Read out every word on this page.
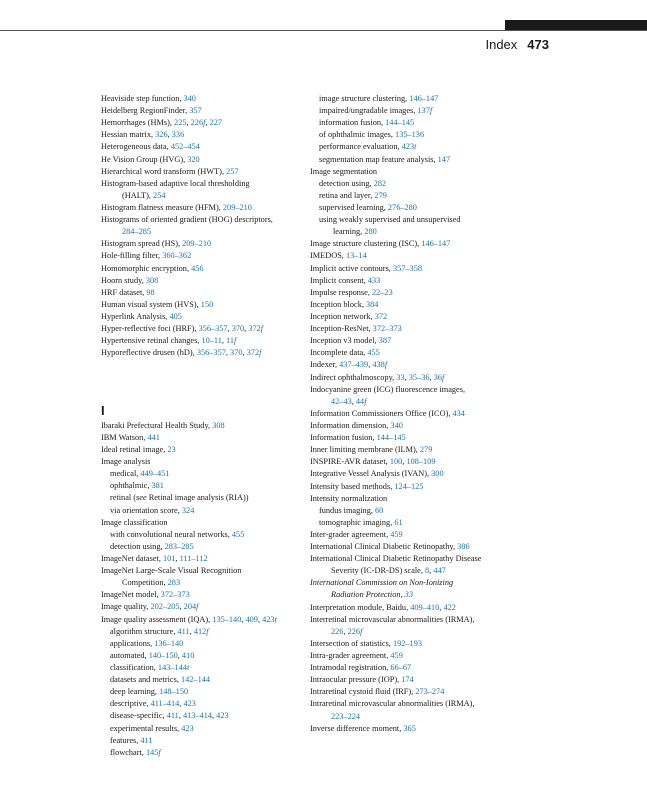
Index 473
Heaviside step function, 340
Heidelberg RegionFinder, 357
Hemorrhages (HMs), 225, 226f, 227
Hessian matrix, 326, 336
Heterogeneous data, 452–454
He Vision Group (HVG), 320
Hierarchical word transform (HWT), 257
Histogram-based adaptive local thresholding
(HALT), 254
Histogram flatness measure (HFM), 209–210
Histograms of oriented gradient (HOG) descriptors,
284–285
Histogram spread (HS), 209–210
Hole-filling filter, 360–362
Homomorphic encryption, 456
Hoorn study, 308
HRF dataset, 98
Human visual system (HVS), 150
Hyperlink Analysis, 405
Hyper-reflective foci (HRF), 356–357, 370, 372f
Hypertensive retinal changes, 10–11, 11f
Hyporeflective drusen (hD), 356–357, 370, 372f
I
Ibaraki Prefectural Health Study, 308
IBM Watson, 441
Ideal retinal image, 23
Image analysis
medical, 449–451
ophthalmic, 381
retinal (see Retinal image analysis (RIA))
via orientation score, 324
Image classification
with convolutional neural networks, 455
detection using, 283–285
ImageNet dataset, 101, 111–112
ImageNet Large-Scale Visual Recognition
Competition, 283
ImageNet model, 372–373
Image quality, 202–205, 204f
Image quality assessment (IQA), 135–140, 409, 423t
algorithm structure, 411, 412f
applications, 136–140
automated, 140–150, 410
classification, 143–144t
datasets and metrics, 142–144
deep learning, 148–150
descriptive, 411–414, 423
disease-specific, 411, 413–414, 423
experimental results, 423
features, 411
flowchart, 145f
image structure clustering, 146–147
impaired/ungradable images, 137f
information fusion, 144–145
of ophthalmic images, 135–136
performance evaluation, 423t
segmentation map feature analysis, 147
Image segmentation
detection using, 282
retina and layer, 279
supervised learning, 276–280
using weakly supervised and unsupervised
learning, 280
Image structure clustering (ISC), 146–147
IMEDOS, 13–14
Implicit active contours, 357–358
Implicit consent, 433
Impulse response, 22–23
Inception block, 384
Inception network, 372
Inception-ResNet, 372–373
Inception v3 model, 387
Incomplete data, 455
Indexer, 437–439, 438f
Indirect ophthalmoscopy, 33, 35–36, 36f
Indocyanine green (ICG) fluorescence images,
42–43, 44f
Information Commissioners Office (ICO), 434
Information dimension, 340
Information fusion, 144–145
Inner limiting membrane (ILM), 279
INSPIRE-AVR dataset, 100, 108–109
Integrative Vessel Analysis (IVAN), 300
Intensity based methods, 124–125
Intensity normalization
fundus imaging, 60
tomographic imaging, 61
Inter-grader agreement, 459
International Clinical Diabetic Retinopathy, 386
International Clinical Diabetic Retinopathy Disease
Severity (IC-DR-DS) scale, 8, 447
International Commission on Non-Ionizing
Radiation Protection, 33
Interpretation module, Baidu, 409–410, 422
Interretinal microvascular abnormalities (IRMA),
226, 226f
Intersection of statistics, 192–193
Intra-grader agreement, 459
Intramodal registration, 66–67
Intraocular pressure (IOP), 174
Intraretinal cystoid fluid (IRF), 273–274
Intraretinal microvascular abnormalities (IRMA),
223–224
Inverse difference moment, 365
